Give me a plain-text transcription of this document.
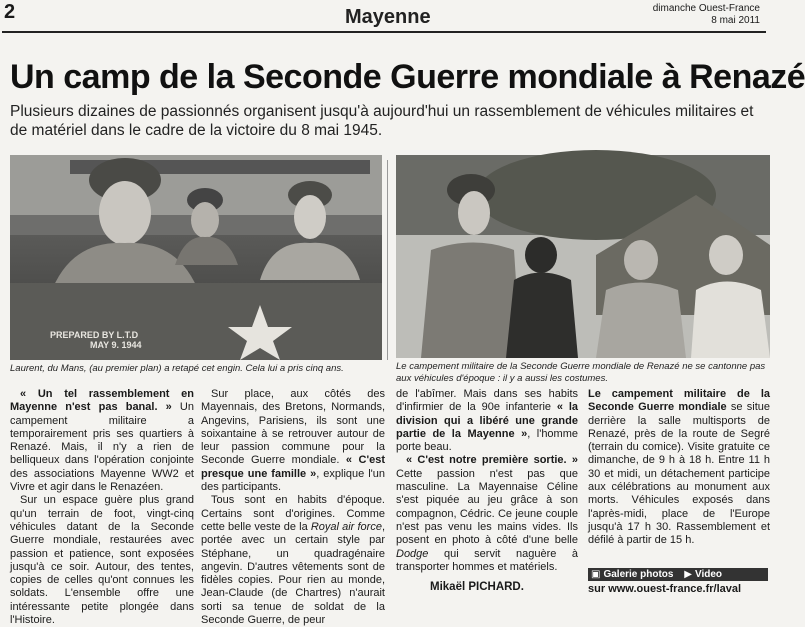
2
	Mayenne	dimanche Ouest-France
8 mai 2011
Un camp de la Seconde Guerre mondiale à Renazé
Plusieurs dizaines de passionnés organisent jusqu'à aujourd'hui un rassemblement de véhicules militaires et de matériel dans le cadre de la victoire du 8 mai 1945.
PREPARED BY L.T.D
MAY 9. 1944
Laurent, du Mans, (au premier plan) a retapé cet engin. Cela lui a pris cinq ans.	Le campement militaire de la Seconde Guerre mondiale de Renazé ne se cantonne pas aux véhicules d'époque : il y a aussi les costumes.

« Un tel rassemblement en Mayenne n'est pas banal. » Un campement militaire a temporairement pris ses quartiers à Renazé. Mais, il n'y a rien de belliqueux dans l'opération conjointe des associations Mayenne WW2 et Vivre et agir dans le Renazéen.

Sur un espace guère plus grand qu'un terrain de foot, vingt-cinq véhicules datant de la Seconde Guerre mondiale, restaurées avec passion et patience, sont exposées jusqu'à ce soir. Autour, des tentes, copies de celles qu'ont connues les soldats. L'ensemble offre une intéressante petite plongée dans l'Histoire.

Sur place, aux côtés des Mayennais, des Bretons, Normands, Angevins, Parisiens, ils sont une soixantaine à se retrouver autour de leur passion commune pour la Seconde Guerre mondiale. « C'est presque une famille », explique l'un des participants.

Tous sont en habits d'époque. Certains sont d'origines. Comme cette belle veste de la Royal air force, portée avec un certain style par Stéphane, un quadragénaire angevin. D'autres vêtements sont de fidèles copies. Pour rien au monde, Jean-Claude (de Chartres) n'aurait sorti sa tenue de soldat de la Seconde Guerre, de peur

de l'abîmer. Mais dans ses habits d'infirmier de la 90e infanterie « la division qui a libéré une grande partie de la Mayenne », l'homme porte beau.

« C'est notre première sortie. » Cette passion n'est pas que masculine. La Mayennaise Céline s'est piquée au jeu grâce à son compagnon, Cédric. Ce jeune couple n'est pas venu les mains vides. Ils posent en photo à côté d'une belle Dodge qui servit naguère à transporter hommes et matériels.

Le campement militaire de la Seconde Guerre mondiale se situe derrière la salle multisports de Renazé, près de la route de Segré (terrain du comice). Visite gratuite ce dimanche, de 9 h à 18 h. Entre 11 h 30 et midi, un détachement participe aux célébrations au monument aux morts. Véhicules exposés dans l'après-midi, place de l'Europe jusqu'à 17 h 30. Rassemblement et défilé à partir de 15 h.

Mikaël PICHARD.
▣ Galerie photos ▶ Video
sur www.ouest-france.fr/laval
